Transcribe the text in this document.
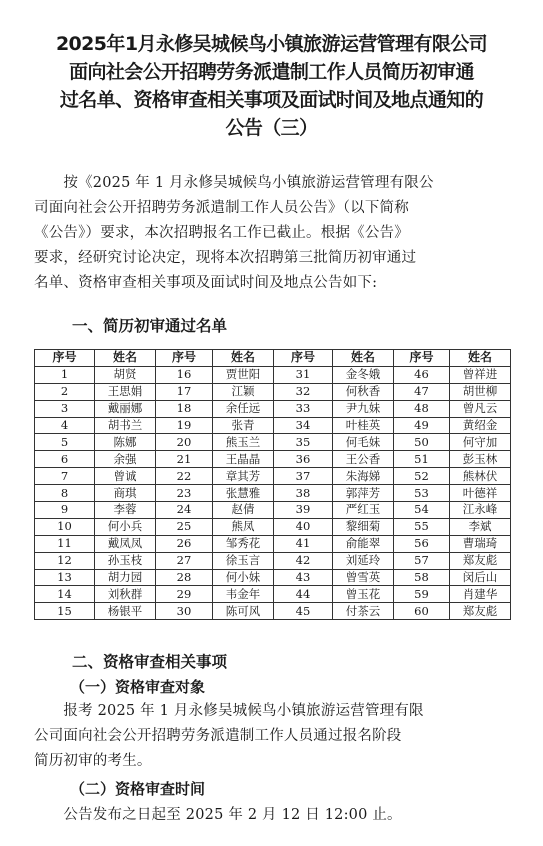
2025年1月永修吴城候鸟小镇旅游运营管理有限公司
面向社会公开招聘劳务派遣制工作人员简历初审通
过名单、资格审查相关事项及面试时间及地点通知的
公告（三）
　　按《2025 年 1 月永修吴城候鸟小镇旅游运营管理有限公
司面向社会公开招聘劳务派遣制工作人员公告》（以下简称
《公告》）要求，本次招聘报名工作已截止。根据《公告》
要求，经研究讨论决定，现将本次招聘第三批简历初审通过
名单、资格审查相关事项及面试时间及地点公告如下:
一、简历初审通过名单
序号	姓名	序号	姓名	序号	姓名	序号	姓名
1	胡贤	16	贾世阳	31	金冬娥	46	曾祥进
2	王思娟	17	江颖	32	何秋香	47	胡世柳
3	戴丽娜	18	余任远	33	尹九妹	48	曾凡云
4	胡书兰	19	张青	34	叶桂英	49	黄绍金
5	陈娜	20	熊玉兰	35	何毛妹	50	何守加
6	余强	21	王晶晶	36	王公香	51	彭玉林
7	曾诚	22	章其芳	37	朱海娣	52	熊林伏
8	商琪	23	张慧雅	38	郭萍芳	53	叶德祥
9	李蓉	24	赵倩	39	严红玉	54	江永峰
10	何小兵	25	熊凤	40	黎细菊	55	李斌
11	戴凤凤	26	邹秀花	41	俞能翠	56	曹瑞琦
12	孙玉枝	27	徐玉言	42	刘延玲	57	郑友彪
13	胡力园	28	何小妹	43	曾雪英	58	闵后山
14	刘秋群	29	韦金年	44	曾玉花	59	肖建华
15	杨银平	30	陈可风	45	付茶云	60	郑友彪
二、资格审查相关事项
（一）资格审查对象
　　报考 2025 年 1 月永修吴城候鸟小镇旅游运营管理有限
公司面向社会公开招聘劳务派遣制工作人员通过报名阶段
简历初审的考生。
（二）资格审查时间
　　公告发布之日起至 2025 年 2 月 12 日 12:00 止。
